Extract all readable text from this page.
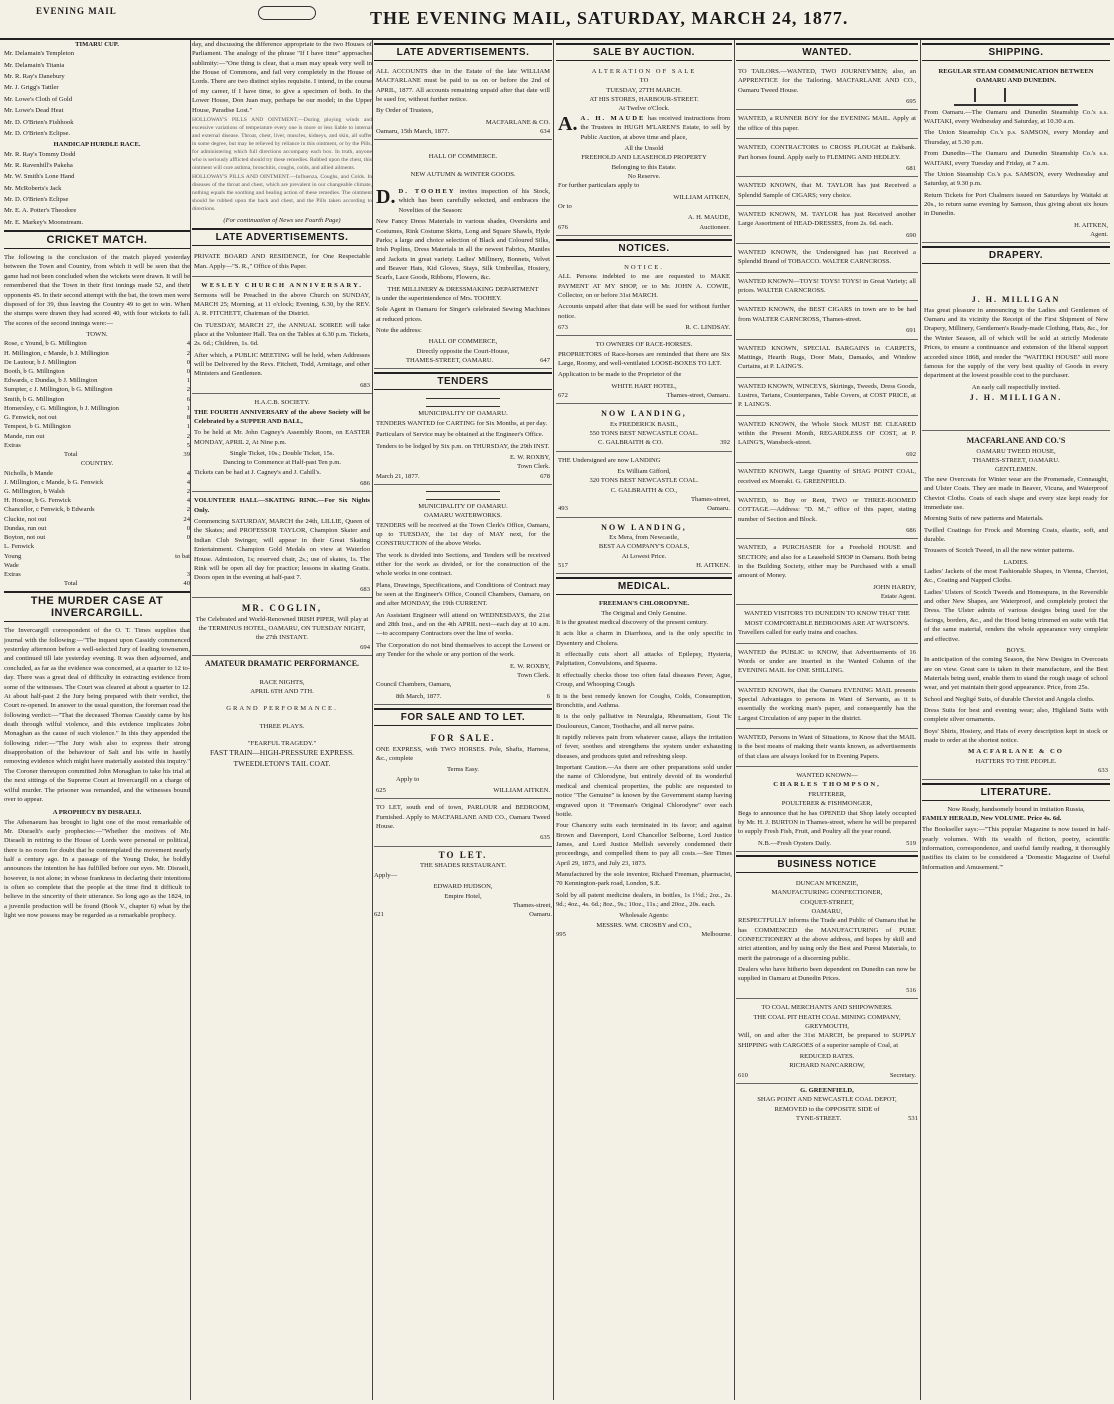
EVENING MAIL	THE EVENING MAIL, SATURDAY, MARCH 24, 1877.
TIMARU CUP.
Mr. Delamain's Templeton
Mr. Delamain's Titania
Mr. R. Ray's Danebury
Mr. J. Grigg's Tattler
Mr. Lowe's Cloth of Gold
Mr. Lowe's Dead Heat
Mr. D. O'Brien's Fishhook
Mr. D. O'Brien's Eclipse.
HANDICAP HURDLE RACE.
Mr. R. Ray's Tommy Dodd
Mr. R. Ravenhill's Pakeha
Mr. W. Smith's Lone Hand
Mr. McRoberts's Jack
Mr. D. O'Brien's Eclipse
Mr. E. A. Potter's Theodore
Mr. E. Markey's Moonstream.
CRICKET MATCH.
The following is the conclusion of the match played yesterday between the Town and Country, from which it will be seen that the game had not been concluded when the wickets were drawn. It will be remembered that the Town in their first innings made 52, and their opponents 45. In their second attempt with the bat, the town men were disposed of for 39, thus leaving the Country 49 to get to win. When the stumps were drawn they had scored 40, with four wickets to fall. The scores of the second innings were:—
TOWN.
Rose, c Yound, b G. Millington	4
H. Millington, c Mande, b J. Millington	2
De Lautour, b J. Millington	0
Booth, b G. Millington	0
Edwards, c Dundas, b J. Millington	1
Sumpter, c J. Millington, b G. Millington	2
Smith, b G. Millington	6
Homersley, c G. Millington, b J. Millington	1
G. Fenwick, not out	8
Tempest, b G. Millington	1
Mande, run out	2
Extras	5
Total	39
COUNTRY.
Nicholls, b Mande	4
J. Millington, c Mande, b G. Fenwick	4
G. Millington, b Walsh	2
H. Honour, b G. Fenwick	4
Chancellor, c Fenwick, b Edwards	2
Cluckie, not out	24
Dundas, run out	0
Boyton, not out	0
L. Fenwick
Young	to bat
Wade
Extras	3
Total	40
THE MURDER CASE AT INVERCARGILL.
The Invercargill correspondent of the O. T. Times supplies that journal with the following:—"The inquest upon Cassidy commenced yesterday afternoon before a well-selected Jury of leading townsmen, and continued till late yesterday evening. It was then adjourned, and concluded, as far as the evidence was concerned, at a quarter to 12 to-day. There was a great deal of difficulty in extracting evidence from some of the witnesses. The Court was cleared at about a quarter to 12. At about half-past 2 the Jury being prepared with their verdict, the Court re-opened. In answer to the usual question, the foreman read the following verdict:—"That the deceased Thomas Cassidy came by his death through wilful violence, and this evidence implicates John Monaghan as the cause of such violence." In this they appended the following rider:—"The Jury wish also to express their strong disapprobation of the behaviour of Salt and his wife in hastily removing evidence which might have materially assisted this inquiry." The Coroner thereupon committed John Monaghan to take his trial at the next sittings of the Supreme Court at Invercargill on a charge of wilful murder. The prisoner was remanded, and the witnesses bound over to appear.
A PROPHECY BY DISRAELI.
The Athenaeum has brought to light one of the most remarkable of Mr. Disraeli's early prophecies:—"Whether the motives of Mr. Disraeli in retiring to the House of Lords were personal or political, there is no room for doubt that he contemplated the movement nearly half a century ago. In a passage of the Young Duke, he boldly announces the intention he has fulfilled before our eyes. Mr. Disraeli, however, is not alone; in whose frankness in declaring their intentions is often so complete that the people at the time find it difficult to believe in the sincerity of their utterance. So long ago as the 1824, in a juvenile production will be found (Book V., chapter 6) what by the light we now possess may be regarded as a remarkable prophecy.
day, and discussing the difference appropriate to the two Houses of Parliament. The analogy of the phrase "If I have time" approaches sublimity:—"One thing is clear, that a man may speak very well in the House of Commons, and fail very completely in the House of Lords. There are two distinct styles requisite. I intend, in the course of my career, if I have time, to give a specimen of both. In the Lower House, Don Juan may, perhaps be our model; in the Upper House, Paradise Lost."
HOLLOWAY'S PILLS AND OINTMENT.—During ploying winds and excessive variations of temperature every one is more or less liable to internal and external disease. Throat, chest, liver, muscles, kidneys, and skin, all suffer in some degree, but may be relieved by reliance in this ointment, or by the Pills, for administering which full directions accompany each box. In truth, anyone who is seriously afflicted should try these remedies. Rubbed upon the chest, this ointment will cure asthma, bronchitis, coughs, colds, and allied ailments.
HOLLOWAY'S PILLS AND OINTMENT.—Influenza, Coughs, and Colds. In diseases of the throat and chest, which are prevalent in our changeable climate, nothing equals the soothing and healing action of these remedies. The ointment should be rubbed upon the back and chest, and the Pills taken according to directions.
(For continuation of News see Fourth Page)
LATE ADVERTISEMENTS.
PRIVATE BOARD AND RESIDENCE, for One Respectable Man. Apply—"S. R.," Office of this Paper.
WESLEY CHURCH ANNIVERSARY.
Sermons will be Preached in the above Church on SUNDAY, MARCH 25; Morning, at 11 o'clock; Evening, 6.30, by the REV. A. R. FITCHETT, Chairman of the District.
On TUESDAY, MARCH 27, the ANNUAL SOIREE will take place at the Volunteer Hall. Tea on the Tables at 6.30 p.m. Tickets, 2s. 6d.; Children, 1s. 6d.
After which, a PUBLIC MEETING will be held, when Addresses will be Delivered by the Revs. Fitchett, Todd, Armitage, and other Ministers and Gentlemen.
683
H.A.C.B. SOCIETY.
THE FOURTH ANNIVERSARY of the above Society will be Celebrated by a SUPPER AND BALL,
To be held at Mr. John Cagney's Assembly Room, on EASTER MONDAY, APRIL 2, At Nine p.m.
Single Ticket, 10s.; Double Ticket, 15s.
Dancing to Commence at Half-past Ten p.m.
Tickets can be had at J. Cagney's and J. Cahill's.
686
VOLUNTEER HALL—SKATING RINK.—For Six Nights Only.
Commencing SATURDAY, MARCH the 24th, LILLIE, Queen of the Skates; and PROFESSOR TAYLOR, Champion Skater and Indian Club Swinger, will appear in their Great Skating Entertainment. Champion Gold Medals on view at Waterloo House. Admission, 1s; reserved chair, 2s.; use of skates, 1s. The Rink will be open all day for practice; lessons in skating Gratis. Doors open in the evening at half-past 7.
683
MR. COGLIN,
The Celebrated and World-Renowned IRISH PIPER, Will play at the TERMINUS HOTEL, OAMARU, ON TUESDAY NIGHT, the 27th INSTANT.
694
AMATEUR DRAMATIC PERFORMANCE.
RACE NIGHTS,
APRIL 6TH AND 7TH.
GRAND PERFORMANCE.
THREE PLAYS.
"FEARFUL TRAGEDY."
FAST TRAIN—HIGH-PRESSURE EXPRESS.
TWEEDLETON'S TAIL COAT.
LATE ADVERTISEMENTS.
ALL ACCOUNTS due in the Estate of the late WILLIAM MACFARLANE must be paid to us on or before the 2nd of APRIL, 1877. All accounts remaining unpaid after that date will be sued for, without further notice.
By Order of Trustees,
MACFARLANE & CO.
Oamaru, 15th March, 1877.	634
HALL OF COMMERCE.
NEW AUTUMN & WINTER GOODS.
D. D. TOOHEY invites inspection of his Stock, which has been carefully selected, and embraces the Novelties of the Season:
New Fancy Dress Materials in various shades, Overskirts and Costumes, Rink Costume Skirts, Long and Square Shawls, Hyde Parks; a large and choice selection of Black and Coloured Silks, Irish Poplins, Dress Materials in all the newest Fabrics, Mantles and Jackets in great variety. Ladies' Millinery, Bonnets, Velvet and Beaver Hats, Kid Gloves, Stays, Silk Umbrellas, Hosiery, Scarfs, Lace Goods, Ribbons, Flowers, &c.
THE MILLINERY & DRESSMAKING DEPARTMENT
is under the superintendence of Mrs. TOOHEY.
Sole Agent in Oamaru for Singer's celebrated Sewing Machines at reduced prices.
Note the address:
HALL OF COMMERCE,
Directly opposite the Court-House,
THAMES-STREET, OAMARU.	647
TENDERS
MUNICIPALITY OF OAMARU.
TENDERS WANTED for CARTING for Six Months, at per day.
Particulars of Service may be obtained at the Engineer's Office.
Tenders to be lodged by Six p.m. on THURSDAY, the 29th INST.
E. W. ROXBY,
Town Clerk.
March 21, 1877.	678
MUNICIPALITY OF OAMARU.
OAMARU WATERWORKS.
TENDERS will be received at the Town Clerk's Office, Oamaru, up to TUESDAY, the 1st day of MAY next, for the CONSTRUCTION of the above Works.
The work is divided into Sections, and Tenders will be received either for the work as divided, or for the construction of the whole works in one contract.
Plans, Drawings, Specifications, and Conditions of Contract may be seen at the Engineer's Office, Council Chambers, Oamaru, on and after MONDAY, the 19th CURRENT.
An Assistant Engineer will attend on WEDNESDAYS, the 21st and 28th Inst., and on the 4th APRIL next—each day at 10 a.m.—to accompany Contractors over the line of works.
The Corporation do not bind themselves to accept the Lowest or any Tender for the whole or any portion of the work.
E. W. ROXBY,
Town Clerk.
Council Chambers, Oamaru,
8th March, 1877.	6
FOR SALE AND TO LET.
FOR SALE.
ONE EXPRESS, with TWO HORSES. Pole, Shafts, Harness, &c., complete
Terms Easy.
Apply to
625	WILLIAM AITKEN.
TO LET, south end of town, PARLOUR and BEDROOM, Furnished. Apply to MACFARLANE AND CO., Oamaru Tweed House.
635
TO LET.
THE SHADES RESTAURANT.
Apply—
EDWARD HUDSON,
Empire Hotel,
Thames-street,
621	Oamaru.
SALE BY AUCTION.
ALTERATION OF SALE
TO
TUESDAY, 27TH MARCH.
AT HIS STORES, HARBOUR-STREET.
At Twelve o'Clock.
A. A. H. MAUDE has received instructions from the Trustees in HUGH M'LAREN'S Estate, to sell by Public Auction, at above time and place,
All the Unsold
FREEHOLD AND LEASEHOLD PROPERTY
Belonging to this Estate.
No Reserve.
For further particulars apply to
WILLIAM AITKEN,
Or to
A. H. MAUDE,
676	Auctioneer.
NOTICES.
NOTICE.
ALL Persons indebted to me are requested to MAKE PAYMENT AT MY SHOP, or to Mr. JOHN A. COWIE, Collector, on or before 31st MARCH.
Accounts unpaid after that date will be sued for without further notice.
673	R. C. LINDSAY.
TO OWNERS OF RACE-HORSES.
PROPRIETORS of Race-horses are reminded that there are Six Large, Roomy, and well-ventilated LOOSE-BOXES TO LET.
Application to be made to the Proprietor of the
WHITE HART HOTEL,
672	Thames-street, Oamaru.
NOW LANDING,
Ex FREDERICK BASIL,
550 TONS BEST NEWCASTLE COAL.
C. GALBRAITH & CO.	392
THE Undersigned are now LANDING
Ex William Gifford,
320 TONS BEST NEWCASTLE COAL.
C. GALBRAITH & CO.,
Thames-street,
493	Oamaru.
NOW LANDING,
Ex Mera, from Newcastle,
BEST AA COMPANY'S COALS,
At Lowest Price.
517	H. AITKEN.
MEDICAL.
FREEMAN'S CHLORODYNE.
The Original and Only Genuine.
It is the greatest medical discovery of the present century.
It acts like a charm in Diarrhoea, and is the only specific in Dysentery and Cholera.
It effectually cuts short all attacks of Epilepsy, Hysteria, Palpitation, Convulsions, and Spasms.
It effectually checks those too often fatal diseases Fever, Ague, Croup, and Whooping Cough.
It is the best remedy known for Coughs, Colds, Consumption, Bronchitis, and Asthma.
It is the only palliative in Neuralgia, Rheumatism, Gout Tic Douloureux, Cancer, Toothache, and all nerve pains.
It rapidly relieves pain from whatever cause, allays the irritation of fever, soothes and strengthens the system under exhausting diseases, and produces quiet and refreshing sleep.
Important Caution.—As there are other preparations sold under the name of Chlorodyne, but entirely devoid of its wonderful medical and chemical properties, the public are requested to notice "The Genuine" is known by the Government stamp having engraved upon it "Freeman's Original Chlorodyne" over each bottle.
Four Chancery suits each terminated in its favor; and against Brown and Davenport, Lord Chancellor Selborne, Lord Justice James, and Lord Justice Mellish severely condemned their proceedings, and compelled them to pay all costs.—See Times April 29, 1873, and July 23, 1873.
Manufactured by the sole inventor, Richard Freeman, pharmacist, 70 Kennington-park road, London, S.E.
Sold by all patent medicine dealers, in bottles, 1s 1½d.; 2oz., 2s. 9d.; 4oz., 4s. 6d.; 8oz., 9s.; 10oz., 11s.; and 20oz., 20s. each.
Wholesale Agents:
MESSRS. WM. CROSBY and CO.,
995	Melbourne.
WANTED.
TO TAILORS.—WANTED, TWO JOURNEYMEN; also, an APPRENTICE for the Tailoring. MACFARLANE AND CO., Oamaru Tweed House.
695
WANTED, a RUNNER BOY for the EVENING MAIL. Apply at the office of this paper.
WANTED, CONTRACTORS to CROSS PLOUGH at Eskbank. Part horses found. Apply early to FLEMING AND HEDLEY.
681
WANTED KNOWN, that M. TAYLOR has just Received a Splendid Sample of CIGARS; very choice.
WANTED KNOWN, M. TAYLOR has just Received another Large Assortment of HEAD-DRESSES, from 2s. 6d. each.
690
WANTED KNOWN, the Undersigned has just Received a Splendid Brand of TOBACCO. WALTER CARNCROSS.
WANTED KNOWN—TOYS! TOYS! TOYS! in Great Variety; all prices. WALTER CARNCROSS.
WANTED KNOWN, the BEST CIGARS in town are to be had from WALTER CARNCROSS, Thames-street.
691
WANTED KNOWN, SPECIAL BARGAINS in CARPETS, Mattings, Hearth Rugs, Door Mats, Damasks, and Window Curtains, at P. LAING'S.
WANTED KNOWN, WINCEYS, Skirtings, Tweeds, Dress Goods, Lustres, Tartans, Counterpanes, Table Covers, at COST PRICE, at P. LAING'S.
WANTED KNOWN, the Whole Stock MUST BE CLEARED within the Present Month, REGARDLESS OF COST, at P. LAING'S, Wansbeck-street.
692
WANTED KNOWN, Large Quantity of SHAG POINT COAL, received ex Moeraki. G. GREENFIELD.
WANTED, to Buy or Rent, TWO or THREE-ROOMED COTTAGE.—Address: "D. M.," office of this paper, stating number of Section and Block.
686
WANTED, a PURCHASER for a Freehold HOUSE and SECTION; and also for a Leasehold SHOP in Oamaru. Both being in the Building Society, either may be Purchased with a small amount of Money.
JOHN HARDY,
Estate Agent.
WANTED VISITORS TO DUNEDIN TO KNOW THAT THE MOST COMFORTABLE BEDROOMS ARE AT WATSON'S.
Travellers called for early trains and coaches.
WANTED the PUBLIC to KNOW, that Advertisements of 16 Words or under are inserted in the Wanted Column of the EVENING MAIL for ONE SHILLING.
WANTED KNOWN, that the Oamaru EVENING MAIL presents Special Advantages to persons in Want of Servants, as it is essentially the working man's paper, and consequently has the Largest Circulation of any paper in the district.
WANTED, Persons in Want of Situations, to Know that the MAIL is the best means of making their wants known, as advertisements of that class are always looked for in Evening Papers.
WANTED KNOWN—
CHARLES THOMPSON,
FRUITERER,
POULTERER & FISHMONGER,
Begs to announce that he has OPENED that Shop lately occupied by Mr. H. J. BURTON in Thames-street, where he will be prepared to supply Fresh Fish, Fruit, and Poultry all the year round.
N.B.—Fresh Oysters Daily.	519
BUSINESS NOTICE
DUNCAN M'KENZIE,
MANUFACTURING CONFECTIONER,
COQUET-STREET,
OAMARU,
RESPECTFULLY informs the Trade and Public of Oamaru that he has COMMENCED the MANUFACTURING of PURE CONFECTIONERY at the above address, and hopes by skill and strict attention, and by using only the Best and Purest Materials, to merit the patronage of a discerning public.
Dealers who have hitherto been dependent on Dunedin can now be supplied in Oamaru at Dunedin Prices.
516
TO COAL MERCHANTS AND SHIPOWNERS.
THE COAL PIT HEATH COAL MINING COMPANY, GREYMOUTH,
Will, on and after the 31st MARCH, be prepared to SUPPLY SHIPPING with CARGOES of a superior sample of Coal, at
REDUCED RATES.
RICHARD NANCARROW,
610	Secretary.
G. GREENFIELD,
SHAG POINT AND NEWCASTLE COAL DEPOT,
REMOVED to the OPPOSITE SIDE of
TYNE-STREET.	531
SHIPPING.
REGULAR STEAM COMMUNICATION BETWEEN OAMARU AND DUNEDIN.
From Oamaru.—The Oamaru and Dunedin Steamship Co.'s s.s. WAITAKI, every Wednesday and Saturday, at 10.30 a.m.
The Union Steamship Co.'s p.s. SAMSON, every Monday and Thursday, at 5.30 p.m.
From Dunedin—The Oamaru and Dunedin Steamship Co.'s s.s. WAITAKI, every Tuesday and Friday, at 7 a.m.
The Union Steamship Co.'s p.s. SAMSON, every Wednesday and Saturday, at 9.30 p.m.
Return Tickets for Port Chalmers issued on Saturdays by Waitaki at 20s., to return same evening by Samson, thus giving about six hours in Dunedin.
H. AITKEN,
Agent.
DRAPERY.
J. H. MILLIGAN
Has great pleasure in announcing to the Ladies and Gentlemen of Oamaru and its vicinity the Receipt of the First Shipment of New Drapery, Millinery, Gentlemen's Ready-made Clothing, Hats, &c., for the Winter Season, all of which will be sold at strictly Moderate Prices, to ensure a continuance and extension of the liberal support accorded since 1868, and render the "WAITEKI HOUSE" still more famous for the supply of the very best quality of Goods in every department at the lowest possible cost to the purchaser.
An early call respectfully invited.
J. H. MILLIGAN.
MACFARLANE AND CO.'S
OAMARU TWEED HOUSE,
THAMES-STREET, OAMARU.
GENTLEMEN.
The new Overcoats for Winter wear are the Promenade, Connaught, and Ulster Coats. They are made in Beaver, Vicuna, and Waterproof Cheviot Cloths. Coats of each shape and every size kept ready for immediate use.
Morning Suits of new patterns and Materials.
Twilled Coatings for Frock and Morning Coats, elastic, soft, and durable.
Trousers of Scotch Tweed, in all the new winter patterns.
LADIES.
Ladies' Jackets of the most Fashionable Shapes, in Vienna, Cheviot, &c., Coating and Napped Cloths.
Ladies' Ulsters of Scotch Tweeds and Homespuns, in the Reversible and other New Shapes, are Waterproof, and completely protect the Dress. The Ulster admits of various designs being used for the facings, borders, &c., and the Hood being trimmed en suite with Hat of the same material, renders the whole appearance very complete and effective.
BOYS.
In anticipation of the coming Season, the New Designs in Overcoats are on view. Great care is taken in their manufacture, and the Best Materials being used, enable them to stand the rough usage of school wear, and yet maintain their good appearance. Price, from 25s.
School and Negligé Suits, of durable Cheviot and Angola cloths.
Dress Suits for best and evening wear; also, Highland Suits with complete silver ornaments.
Boys' Shirts, Hosiery, and Hats of every description kept in stock or made to order at the shortest notice.
MACFARLANE & CO
HATTERS TO THE PEOPLE.
633
LITERATURE.
Now Ready, handsomely bound in imitation Russia,
FAMILY HERALD, New VOLUME. Price 4s. 6d.
The Bookseller says:—"This popular Magazine is now issued in half-yearly volumes. With its wealth of fiction, poetry, scientific information, correspondence, and useful family reading, it thoroughly justifies its claim to be considered a 'Domestic Magazine of Useful Information and Amusement.'"
